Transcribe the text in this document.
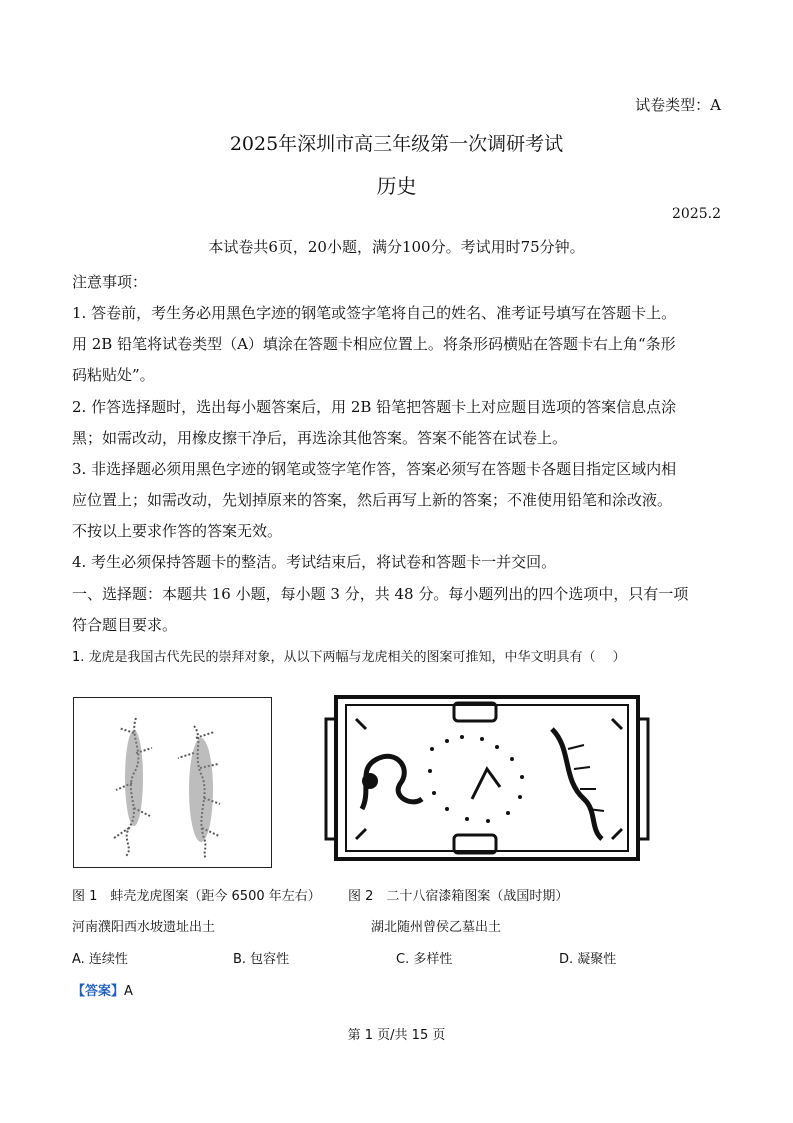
试卷类型：A
2025年深圳市高三年级第一次调研考试
历史
2025.2
本试卷共6页，20小题，满分100分。考试用时75分钟。
注意事项：
1. 答卷前，考生务必用黑色字迹的钢笔或签字笔将自己的姓名、准考证号填写在答题卡上。
用 2B 铅笔将试卷类型（A）填涂在答题卡相应位置上。将条形码横贴在答题卡右上角“条形
码粘贴处”。
2. 作答选择题时，选出每小题答案后，用 2B 铅笔把答题卡上对应题目选项的答案信息点涂
黑；如需改动，用橡皮擦干净后，再选涂其他答案。答案不能答在试卷上。
3. 非选择题必须用黑色字迹的钢笔或签字笔作答，答案必须写在答题卡各题目指定区域内相
应位置上；如需改动，先划掉原来的答案，然后再写上新的答案；不准使用铅笔和涂改液。
不按以上要求作答的答案无效。
4. 考生必须保持答题卡的整洁。考试结束后，将试卷和答题卡一并交回。
一、选择题：本题共 16 小题，每小题 3 分，共 48 分。每小题列出的四个选项中，只有一项
符合题目要求。
1. 龙虎是我国古代先民的崇拜对象，从以下两幅与龙虎相关的图案可推知，中华文明具有（　 ）
图 1　蚌壳龙虎图案（距今 6500 年左右） 图 2　二十八宿漆箱图案（战国时期）
河南濮阳西水坡遗址出土	湖北随州曾侯乙墓出土
A. 连续性	B. 包容性	C. 多样性	D. 凝聚性
【答案】A
第 1 页/共 15 页
